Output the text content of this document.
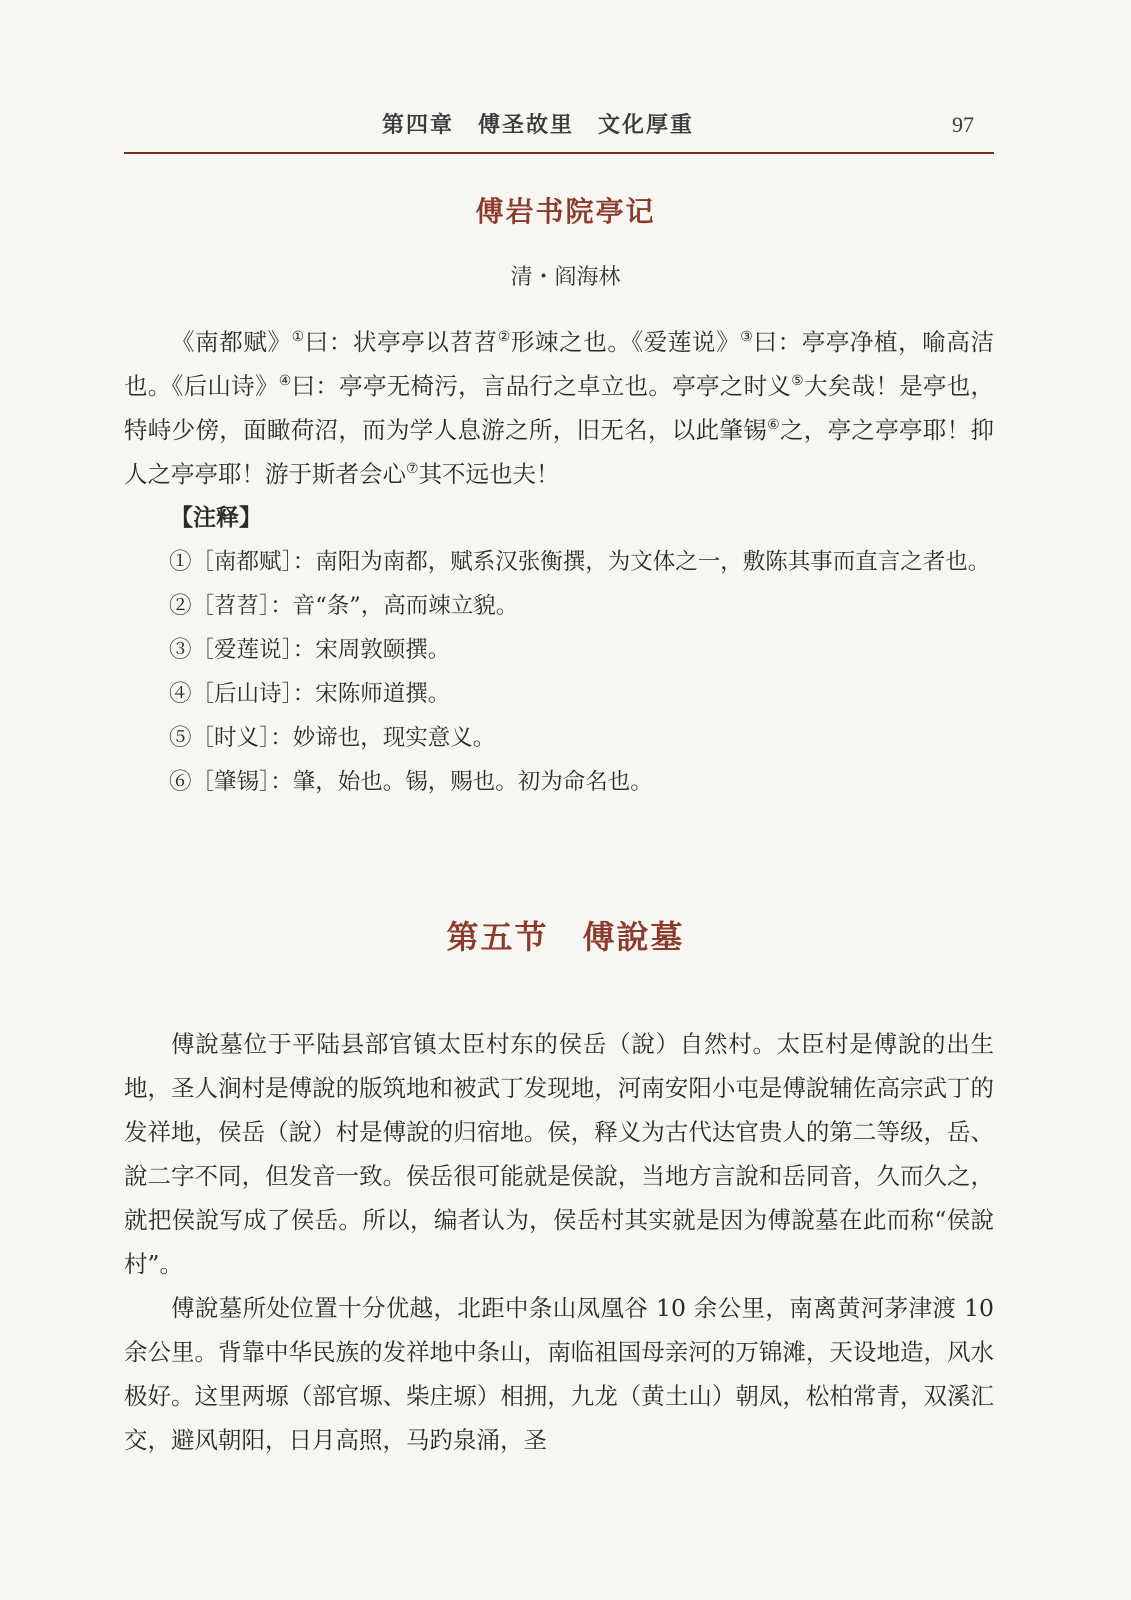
第四章　傅圣故里　文化厚重	97
傅岩书院亭记
清・阎海林

《南都赋》①曰：状亭亭以苕苕②形竦之也。《爱莲说》③曰：亭亭净植，喻高洁也。《后山诗》④曰：亭亭无椅污，言品行之卓立也。亭亭之时义⑤大矣哉！是亭也，特峙少傍，面瞰荷沼，而为学人息游之所，旧无名，以此肇锡⑥之，亭之亭亭耶！抑人之亭亭耶！游于斯者会心⑦其不远也夫！

【注释】

①［南都赋］：南阳为南都，赋系汉张衡撰，为文体之一，敷陈其事而直言之者也。

②［苕苕］：音“条”，高而竦立貌。

③［爱莲说］：宋周敦颐撰。

④［后山诗］：宋陈师道撰。

⑤［时义］：妙谛也，现实意义。

⑥［肇锡］：肇，始也。锡，赐也。初为命名也。

第五节　傅說墓

傅說墓位于平陆县部官镇太臣村东的侯岳（說）自然村。太臣村是傅說的出生地，圣人涧村是傅說的版筑地和被武丁发现地，河南安阳小屯是傅說辅佐高宗武丁的发祥地，侯岳（說）村是傅說的归宿地。侯，释义为古代达官贵人的第二等级，岳、說二字不同，但发音一致。侯岳很可能就是侯說，当地方言說和岳同音，久而久之，就把侯說写成了侯岳。所以，编者认为，侯岳村其实就是因为傅說墓在此而称“侯說村”。

傅說墓所处位置十分优越，北距中条山凤凰谷 10 余公里，南离黄河茅津渡 10 余公里。背靠中华民族的发祥地中条山，南临祖国母亲河的万锦滩，天设地造，风水极好。这里两塬（部官塬、柴庄塬）相拥，九龙（黄土山）朝凤，松柏常青，双溪汇交，避风朝阳，日月高照，马趵泉涌，圣
